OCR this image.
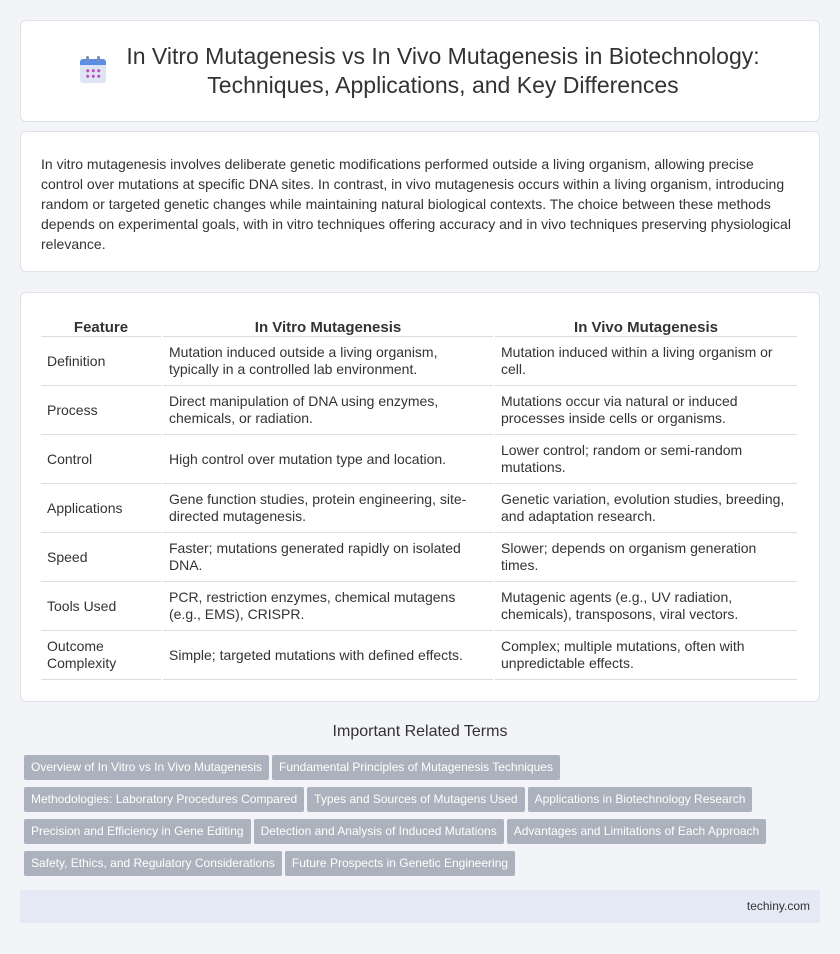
In Vitro Mutagenesis vs In Vivo Mutagenesis in Biotechnology:
Techniques, Applications, and Key Differences

In vitro mutagenesis involves deliberate genetic modifications performed outside a living organism, allowing precise control over mutations at specific DNA sites. In contrast, in vivo mutagenesis occurs within a living organism, introducing random or targeted genetic changes while maintaining natural biological contexts. The choice between these methods depends on experimental goals, with in vitro techniques offering accuracy and in vivo techniques preserving physiological relevance.

Feature	In Vitro Mutagenesis	In Vivo Mutagenesis
Definition	Mutation induced outside a living organism, typically in a controlled lab environment.	Mutation induced within a living organism or cell.
Process	Direct manipulation of DNA using enzymes, chemicals, or radiation.	Mutations occur via natural or induced processes inside cells or organisms.
Control	High control over mutation type and location.	Lower control; random or semi-random mutations.
Applications	Gene function studies, protein engineering, site-directed mutagenesis.	Genetic variation, evolution studies, breeding, and adaptation research.
Speed	Faster; mutations generated rapidly on isolated DNA.	Slower; depends on organism generation times.
Tools Used	PCR, restriction enzymes, chemical mutagens (e.g., EMS), CRISPR.	Mutagenic agents (e.g., UV radiation, chemicals), transposons, viral vectors.
Outcome Complexity	Simple; targeted mutations with defined effects.	Complex; multiple mutations, often with unpredictable effects.
Important Related Terms
Overview of In Vitro vs In Vivo Mutagenesis Fundamental Principles of Mutagenesis Techniques
Methodologies: Laboratory Procedures Compared Types and Sources of Mutagens Used Applications in Biotechnology Research
Precision and Efficiency in Gene Editing Detection and Analysis of Induced Mutations Advantages and Limitations of Each Approach
Safety, Ethics, and Regulatory Considerations Future Prospects in Genetic Engineering
techiny.com
